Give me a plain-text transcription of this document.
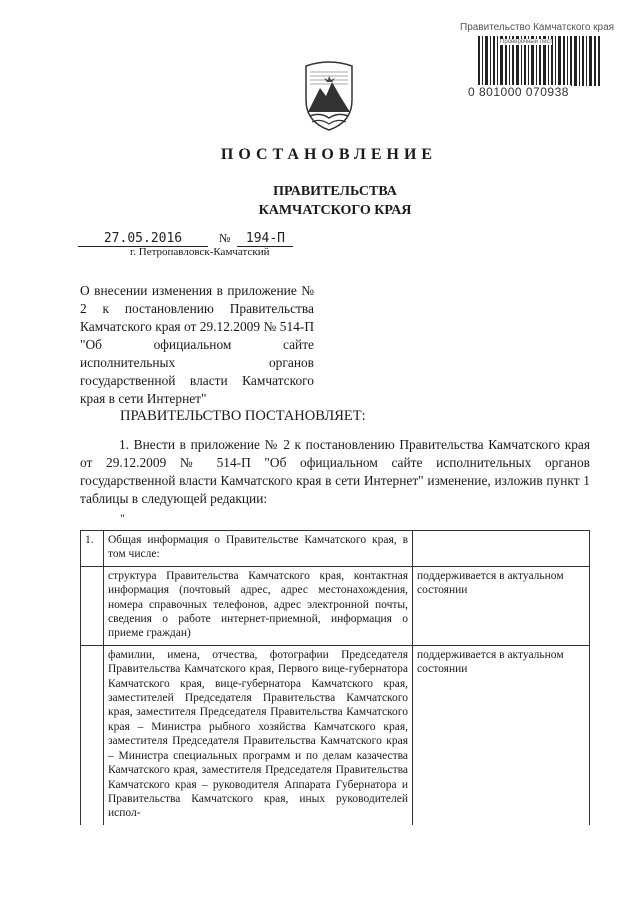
Правительство Камчатского края
Проверочный лист
0 801000 070938
ПОСТАНОВЛЕНИЕ
ПРАВИТЕЛЬСТВА
КАМЧАТСКОГО КРАЯ
27.05.2016	№ 194-П
г. Петропавловск-Камчатский
О внесении изменения в приложение № 2 к постановлению Правительства Камчатского края от 29.12.2009 № 514-П "Об официальном сайте исполнительных органов государственной власти Камчатского края в сети Интернет"
ПРАВИТЕЛЬСТВО ПОСТАНОВЛЯЕТ:
1. Внести в приложение № 2 к постановлению Правительства Камчатского края от 29.12.2009 № 514-П "Об официальном сайте исполнительных органов государственной власти Камчатского края в сети Интернет" изменение, изложив пункт 1 таблицы в следующей редакции:
"
1.	Общая информация о Правительстве Камчатского края, в том числе:	
	структура Правительства Камчатского края, контактная информация (почтовый адрес, адрес местонахождения, номера справочных телефонов, адрес электронной почты, сведения о работе интернет-приемной, информация о приеме граждан)	поддерживается в актуальном состоянии
	фамилии, имена, отчества, фотографии Председателя Правительства Камчатского края, Первого вице-губернатора Камчатского края, вице-губернатора Камчатского края, заместителей Председателя Правительства Камчатского края, заместителя Председателя Правительства Камчатского края – Министра рыбного хозяйства Камчатского края, заместителя Председателя Правительства Камчатского края – Министра специальных программ и по делам казачества Камчатского края, заместителя Председателя Правительства Камчатского края – руководителя Аппарата Губернатора и Правительства Камчатского края, иных руководителей испол-	поддерживается в актуальном состоянии
